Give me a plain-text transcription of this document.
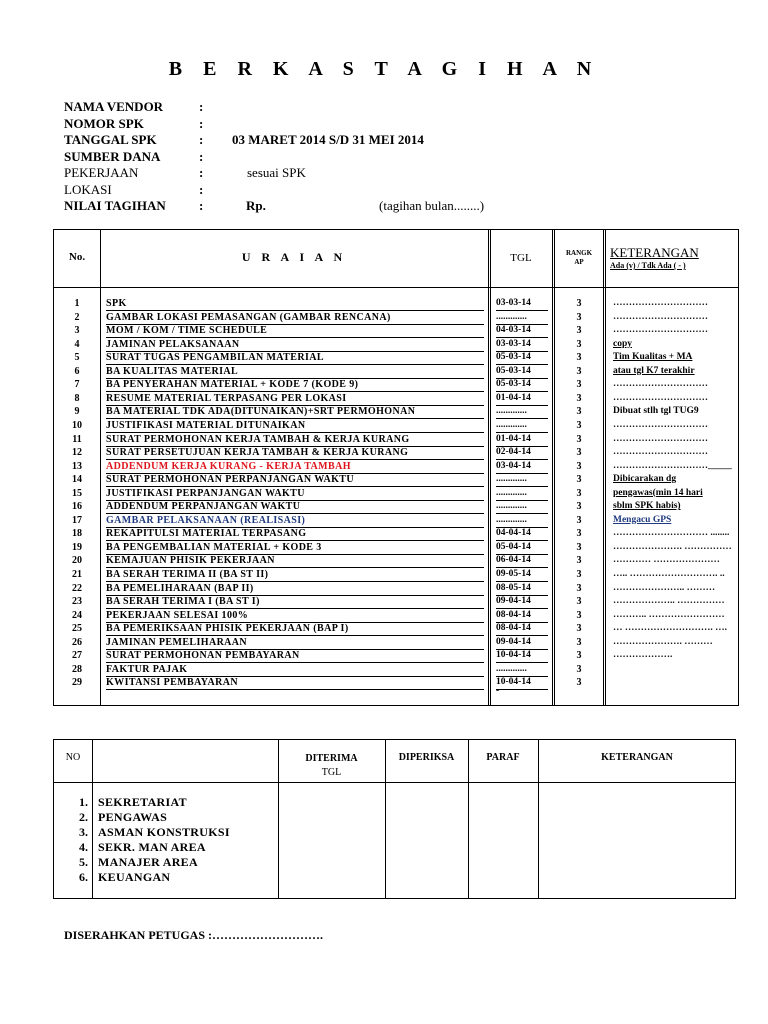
B E R K A S T A G I H A N
NAMA VENDOR	:
NOMOR SPK	:
TANGGAL SPK	: 03 MARET 2014 S/D 31 MEI 2014
SUMBER DANA	:
PEKERJAAN	:	sesuai SPK
LOKASI	:
NILAI TAGIHAN	:	Rp.	(tagihan bulan........)
No.	U R A I A N	TGL	RANGK
AP
KETERANGAN
Ada (v) / Tdk Ada ( - )
1	SPK	03-03-14	3	…………………………
2	GAMBAR LOKASI PEMASANGAN (GAMBAR RENCANA)	.............	3	…………………………
3	MOM / KOM / TIME SCHEDULE	04-03-14	3	…………………………
4	JAMINAN PELAKSANAAN	03-03-14	3	copy
5	SURAT TUGAS PENGAMBILAN MATERIAL	05-03-14	3	Tim Kualitas + MA
6	BA KUALITAS MATERIAL	05-03-14	3	atau tgl K7 terakhir
7	BA PENYERAHAN MATERIAL + KODE 7 (KODE 9)	05-03-14	3	…………………………
8	RESUME MATERIAL TERPASANG PER LOKASI	01-04-14	3	…………………………
9	BA MATERIAL TDK ADA(DITUNAIKAN)+SRT PERMOHONAN	.............	3	Dibuat stlh tgl TUG9
10	JUSTIFIKASI MATERIAL DITUNAIKAN	.............	3	…………………………
11	SURAT PERMOHONAN KERJA TAMBAH & KERJA KURANG	01-04-14	3	…………………………
12	SURAT PERSETUJUAN KERJA TAMBAH & KERJA KURANG	02-04-14	3	…………………………
13	ADDENDUM KERJA KURANG - KERJA TAMBAH	03-04-14	3	…………………………_____
14	SURAT PERMOHONAN PERPANJANGAN WAKTU	.............	3	Dibicarakan dg
15	JUSTIFIKASI PERPANJANGAN WAKTU	.............	3	pengawas(min 14 hari
16	ADDENDUM PERPANJANGAN WAKTU	.............	3	sblm SPK habis)
17	GAMBAR PELAKSANAAN (REALISASI)	.............	3	Mengacu GPS
18	REKAPITULSI MATERIAL TERPASANG	04-04-14	3	………………………… ........
19	BA PENGEMBALIAN MATERIAL + KODE 3	05-04-14	3	…………………. ……………
20	KEMAJUAN PHISIK PEKERJAAN	06-04-14	3	………… …………………
21	BA SERAH TERIMA II (BA ST II)	09-05-14	3	….. ………………………. ..
22	BA PEMELIHARAAN (BAP II)	08-05-14	3	………………….. ………
23	BA SERAH TERIMA I (BA ST I)	09-04-14	3	……………….. ……………
24	PEKERJAAN SELESAI 100%	08-04-14	3	……….. ……………………
25	BA PEMERIKSAAN PHISIK PEKERJAAN (BAP I)	08-04-14	3	… ………………………. ….
26	JAMINAN PEMELIHARAAN	09-04-14	3	…………………. ………
27	SURAT PERMOHONAN PEMBAYARAN	10-04-14	3	……………….
28	FAKTUR PAJAK	.............	3
29	KWITANSI PEMBAYARAN	10-04-14	3
-
NO	DITERIMA
TGL
DIPERIKSA	PARAF	KETERANGAN
1. SEKRETARIAT
2. PENGAWAS
3. ASMAN KONSTRUKSI
4. SEKR. MAN AREA
5. MANAJER AREA
6. KEUANGAN
DISERAHKAN PETUGAS :……………………….
